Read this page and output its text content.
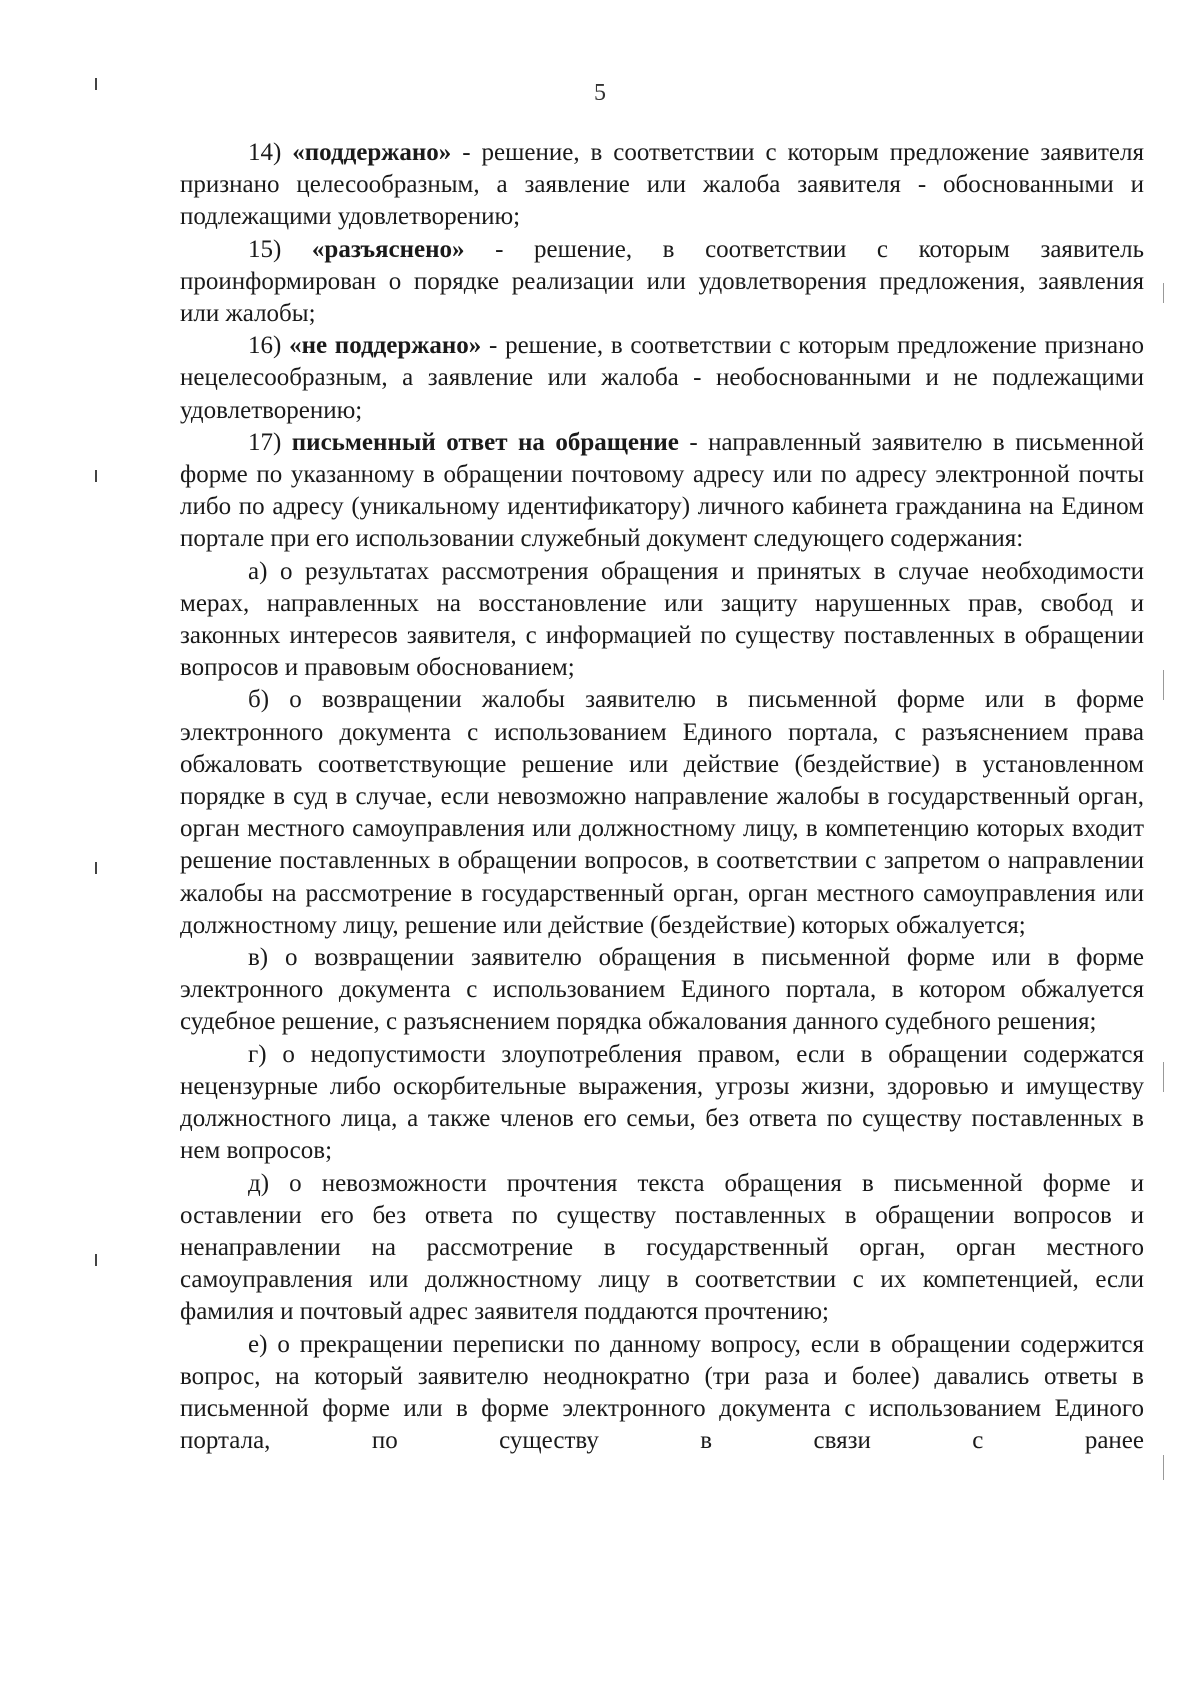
5

14) «поддержано» - решение, в соответствии с которым предложение заявителя признано целесообразным, а заявление или жалоба заявителя - обоснованными и подлежащими удовлетворению;

15) «разъяснено» - решение, в соответствии с которым заявитель проинформирован о порядке реализации или удовлетворения предложения, заявления или жалобы;

16) «не поддержано» - решение, в соответствии с которым предложение признано нецелесообразным, а заявление или жалоба - необоснованными и не подлежащими удовлетворению;

17) письменный ответ на обращение - направленный заявителю в письменной форме по указанному в обращении почтовому адресу или по адресу электронной почты либо по адресу (уникальному идентификатору) личного кабинета гражданина на Едином портале при его использовании служебный документ следующего содержания:

а) о результатах рассмотрения обращения и принятых в случае необходимости мерах, направленных на восстановление или защиту нарушенных прав, свобод и законных интересов заявителя, с информацией по существу поставленных в обращении вопросов и правовым обоснованием;

б) о возвращении жалобы заявителю в письменной форме или в форме электронного документа с использованием Единого портала, с разъяснением права обжаловать соответствующие решение или действие (бездействие) в установленном порядке в суд в случае, если невозможно направление жалобы в государственный орган, орган местного самоуправления или должностному лицу, в компетенцию которых входит решение поставленных в обращении вопросов, в соответствии с запретом о направлении жалобы на рассмотрение в государственный орган, орган местного самоуправления или должностному лицу, решение или действие (бездействие) которых обжалуется;

в) о возвращении заявителю обращения в письменной форме или в форме электронного документа с использованием Единого портала, в котором обжалуется судебное решение, с разъяснением порядка обжалования данного судебного решения;

г) о недопустимости злоупотребления правом, если в обращении содержатся нецензурные либо оскорбительные выражения, угрозы жизни, здоровью и имуществу должностного лица, а также членов его семьи, без ответа по существу поставленных в нем вопросов;

д) о невозможности прочтения текста обращения в письменной форме и оставлении его без ответа по существу поставленных в обращении вопросов и ненаправлении на рассмотрение в государственный орган, орган местного самоуправления или должностному лицу в соответствии с их компетенцией, если фамилия и почтовый адрес заявителя поддаются прочтению;

е) о прекращении переписки по данному вопросу, если в обращении содержится вопрос, на который заявителю неоднократно (три раза и более) давались ответы в письменной форме или в форме электронного документа с использованием Единого портала, по существу в связи с ранее
